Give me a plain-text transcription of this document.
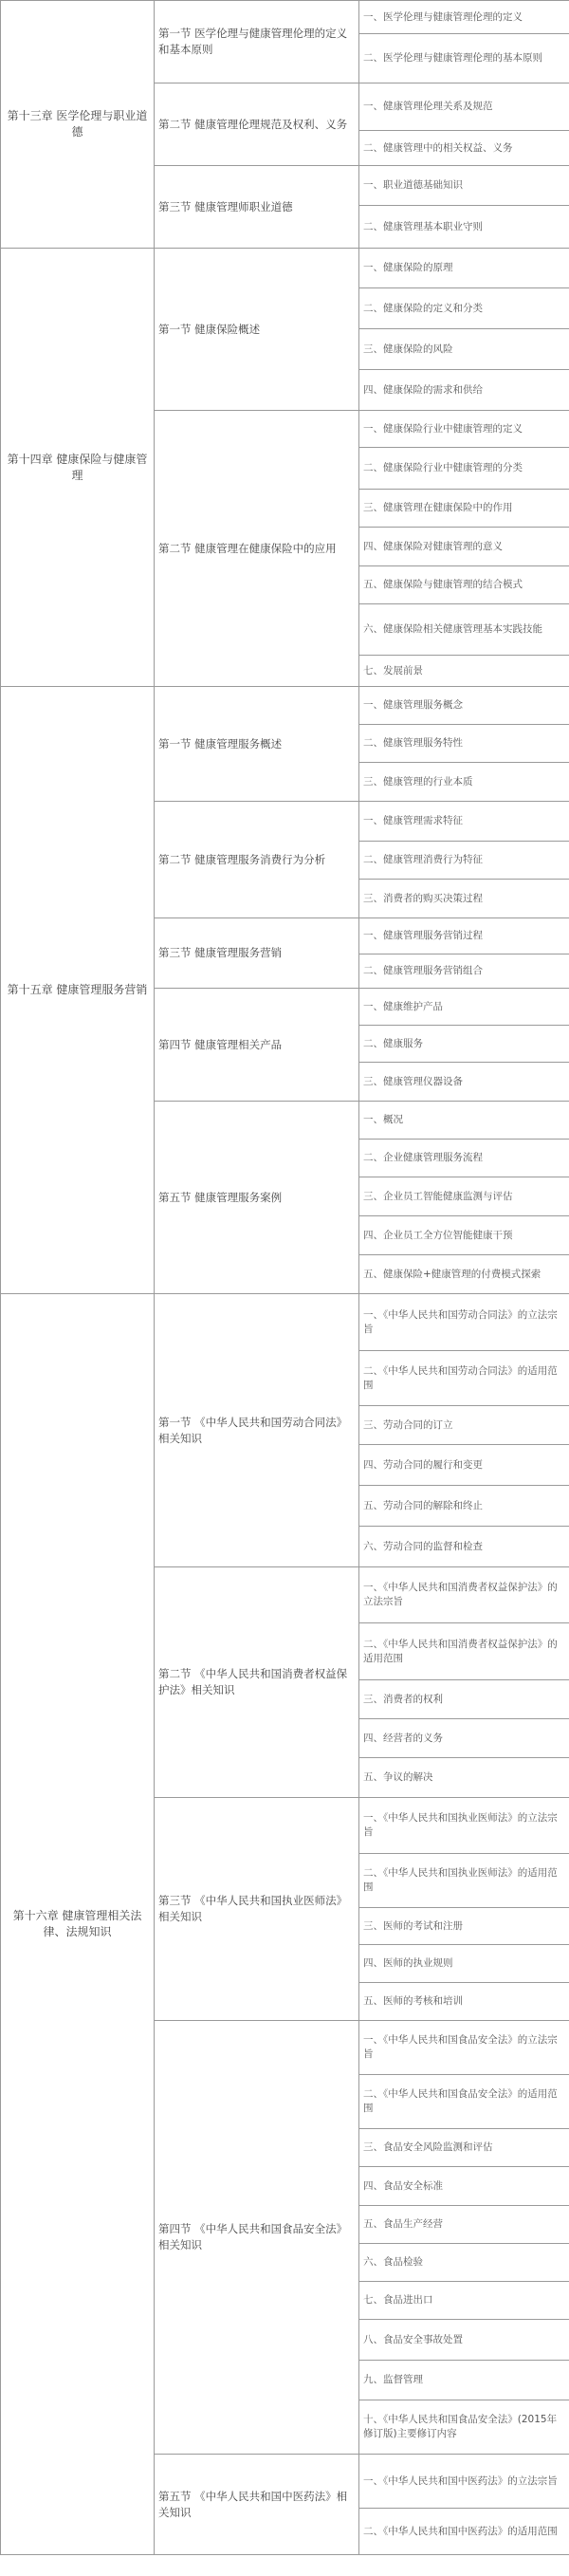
第十三章 医学伦理与职业道德	第一节 医学伦理与健康管理伦理的定义和基本原则	一、医学伦理与健康管理伦理的定义
		二、医学伦理与健康管理伦理的基本原则
	第二节 健康管理伦理规范及权利、义务	一、健康管理伦理关系及规范
		二、健康管理中的相关权益、义务
	第三节 健康管理师职业道德	一、职业道德基础知识
		二、健康管理基本职业守则
第十四章 健康保险与健康管理	第一节 健康保险概述	一、健康保险的原理
		二、健康保险的定义和分类
		三、健康保险的风险
		四、健康保险的需求和供给
	第二节 健康管理在健康保险中的应用	一、健康保险行业中健康管理的定义
		二、健康保险行业中健康管理的分类
		三、健康管理在健康保险中的作用
		四、健康保险对健康管理的意义
		五、健康保险与健康管理的结合模式
		六、健康保险相关健康管理基本实践技能
		七、发展前景
第十五章 健康管理服务营销	第一节 健康管理服务概述	一、健康管理服务概念
		二、健康管理服务特性
		三、健康管理的行业本质
	第二节 健康管理服务消费行为分析	一、健康管理需求特征
		二、健康管理消费行为特征
		三、消费者的购买决策过程
	第三节 健康管理服务营销	一、健康管理服务营销过程
		二、健康管理服务营销组合
	第四节 健康管理相关产品	一、健康维护产品
		二、健康服务
		三、健康管理仪器设备
	第五节 健康管理服务案例	一、概况
		二、企业健康管理服务流程
		三、企业员工智能健康监测与评估
		四、企业员工全方位智能健康干预
		五、健康保险+健康管理的付费模式探索
第十六章 健康管理相关法律、法规知识	第一节 《中华人民共和国劳动合同法》相关知识	一、《中华人民共和国劳动合同法》的立法宗旨
		二、《中华人民共和国劳动合同法》的适用范围
		三、劳动合同的订立
		四、劳动合同的履行和变更
		五、劳动合同的解除和终止
		六、劳动合同的监督和检查
	第二节 《中华人民共和国消费者权益保护法》相关知识	一、《中华人民共和国消费者权益保护法》的立法宗旨
		二、《中华人民共和国消费者权益保护法》的适用范围
		三、消费者的权利
		四、经营者的义务
		五、争议的解决
	第三节 《中华人民共和国执业医师法》相关知识	一、《中华人民共和国执业医师法》的立法宗旨
		二、《中华人民共和国执业医师法》的适用范围
		三、医师的考试和注册
		四、医师的执业规则
		五、医师的考核和培训
	第四节 《中华人民共和国食品安全法》相关知识	一、《中华人民共和国食品安全法》的立法宗旨
		二、《中华人民共和国食品安全法》的适用范围
		三、食品安全风险监测和评估
		四、食品安全标准
		五、食品生产经营
		六、食品检验
		七、食品进出口
		八、食品安全事故处置
		九、监督管理
		十、《中华人民共和国食品安全法》(2015年修订版)主要修订内容
	第五节 《中华人民共和国中医药法》相关知识	一、《中华人民共和国中医药法》的立法宗旨
		二、《中华人民共和国中医药法》的适用范围
